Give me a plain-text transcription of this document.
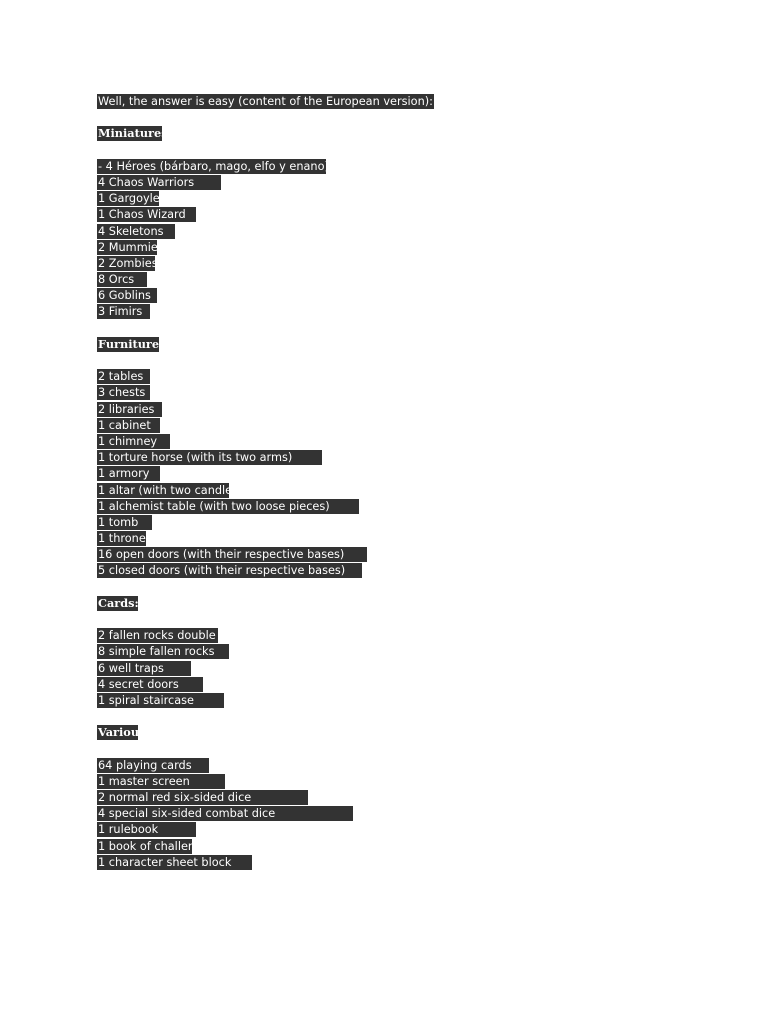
Well, the answer is easy (content of the European version):
Miniatures:
- 4 Héroes (bárbaro, mago, elfo y enano)
4 Chaos Warriors
1 Gargoyle
1 Chaos Wizard
4 Skeletons
2 Mummies
2 Zombies
8 Orcs
6 Goblins
3 Fimirs
Furniture:
2 tables
3 chests
2 libraries
1 cabinet
1 chimney
1 torture horse (with its two arms)
1 armory
1 altar (with two candle
1 alchemist table (with two loose pieces)
1 tomb
1 throne
16 open doors (with their respective bases)
5 closed doors (with their respective bases)
Cards:
2 fallen rocks double
8 simple fallen rocks
6 well traps
4 secret doors
1 spiral staircase
Various
64 playing cards
1 master screen
2 normal red six-sided dice
4 special six-sided combat dice
1 rulebook
1 book of challen
1 character sheet block
